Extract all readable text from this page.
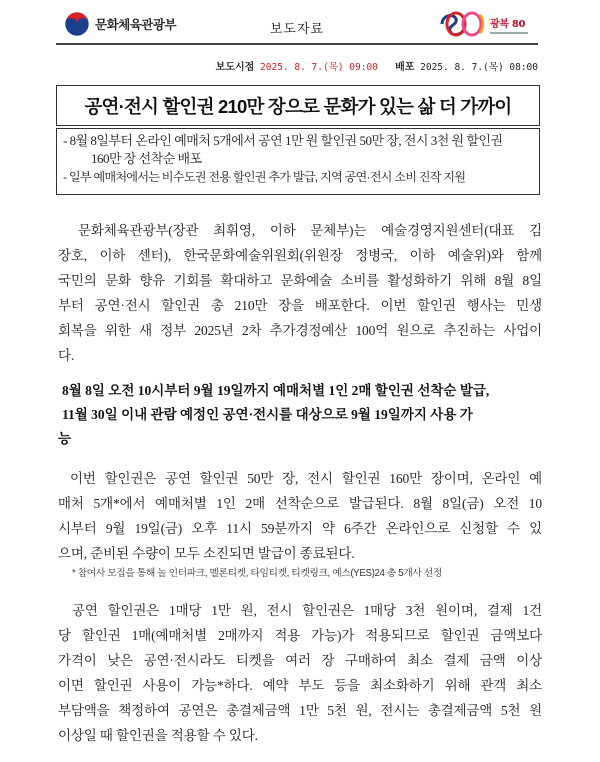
문화체육관광부	보도자료	광복 80
보도시점 2025. 8. 7.(목) 09:00 배포 2025. 8. 7.(목) 08:00
공연·전시 할인권 210만 장으로 문화가 있는 삶 더 가까이
- 8월 8일부터 온라인 예매처 5개에서 공연 1만 원 할인권 50만 장, 전시 3천 원 할인권
160만 장 선착순 배포
- 일부 예매처에서는 비수도권 전용 할인권 추가 발급, 지역 공연·전시 소비 진작 지원
문화체육관광부(장관 최휘영, 이하 문체부)는 예술경영지원센터(대표 김
장호, 이하 센터), 한국문화예술위원회(위원장 정병국, 이하 예술위)와 함께
국민의 문화 향유 기회를 확대하고 문화예술 소비를 활성화하기 위해 8월 8일
부터 공연·전시 할인권 총 210만 장을 배포한다. 이번 할인권 행사는 민생
회복을 위한 새 정부 2025년 2차 추가경정예산 100억 원으로 추진하는 사업이
다.
8월 8일 오전 10시부터 9월 19일까지 예매처별 1인 2매 할인권 선착순 발급,
11월 30일 이내 관람 예정인 공연·전시를 대상으로 9월 19일까지 사용 가
능
이번 할인권은 공연 할인권 50만 장, 전시 할인권 160만 장이며, 온라인 예
매처 5개*에서 예매처별 1인 2매 선착순으로 발급된다. 8월 8일(금) 오전 10
시부터 9월 19일(금) 오후 11시 59분까지 약 6주간 온라인으로 신청할 수 있
으며, 준비된 수량이 모두 소진되면 발급이 종료된다.
* 참여사 모집을 통해 놀 인터파크, 멜론티켓, 타임티켓, 티켓링크, 예스(YES)24 총 5개사 선정
공연 할인권은 1매당 1만 원, 전시 할인권은 1매당 3천 원이며, 결제 1건
당 할인권 1매(예매처별 2매까지 적용 가능)가 적용되므로 할인권 금액보다
가격이 낮은 공연·전시라도 티켓을 여러 장 구매하여 최소 결제 금액 이상
이면 할인권 사용이 가능*하다. 예약 부도 등을 최소화하기 위해 관객 최소
부담액을 책정하여 공연은 총결제금액 1만 5천 원, 전시는 총결제금액 5천 원
이상일 때 할인권을 적용할 수 있다.
